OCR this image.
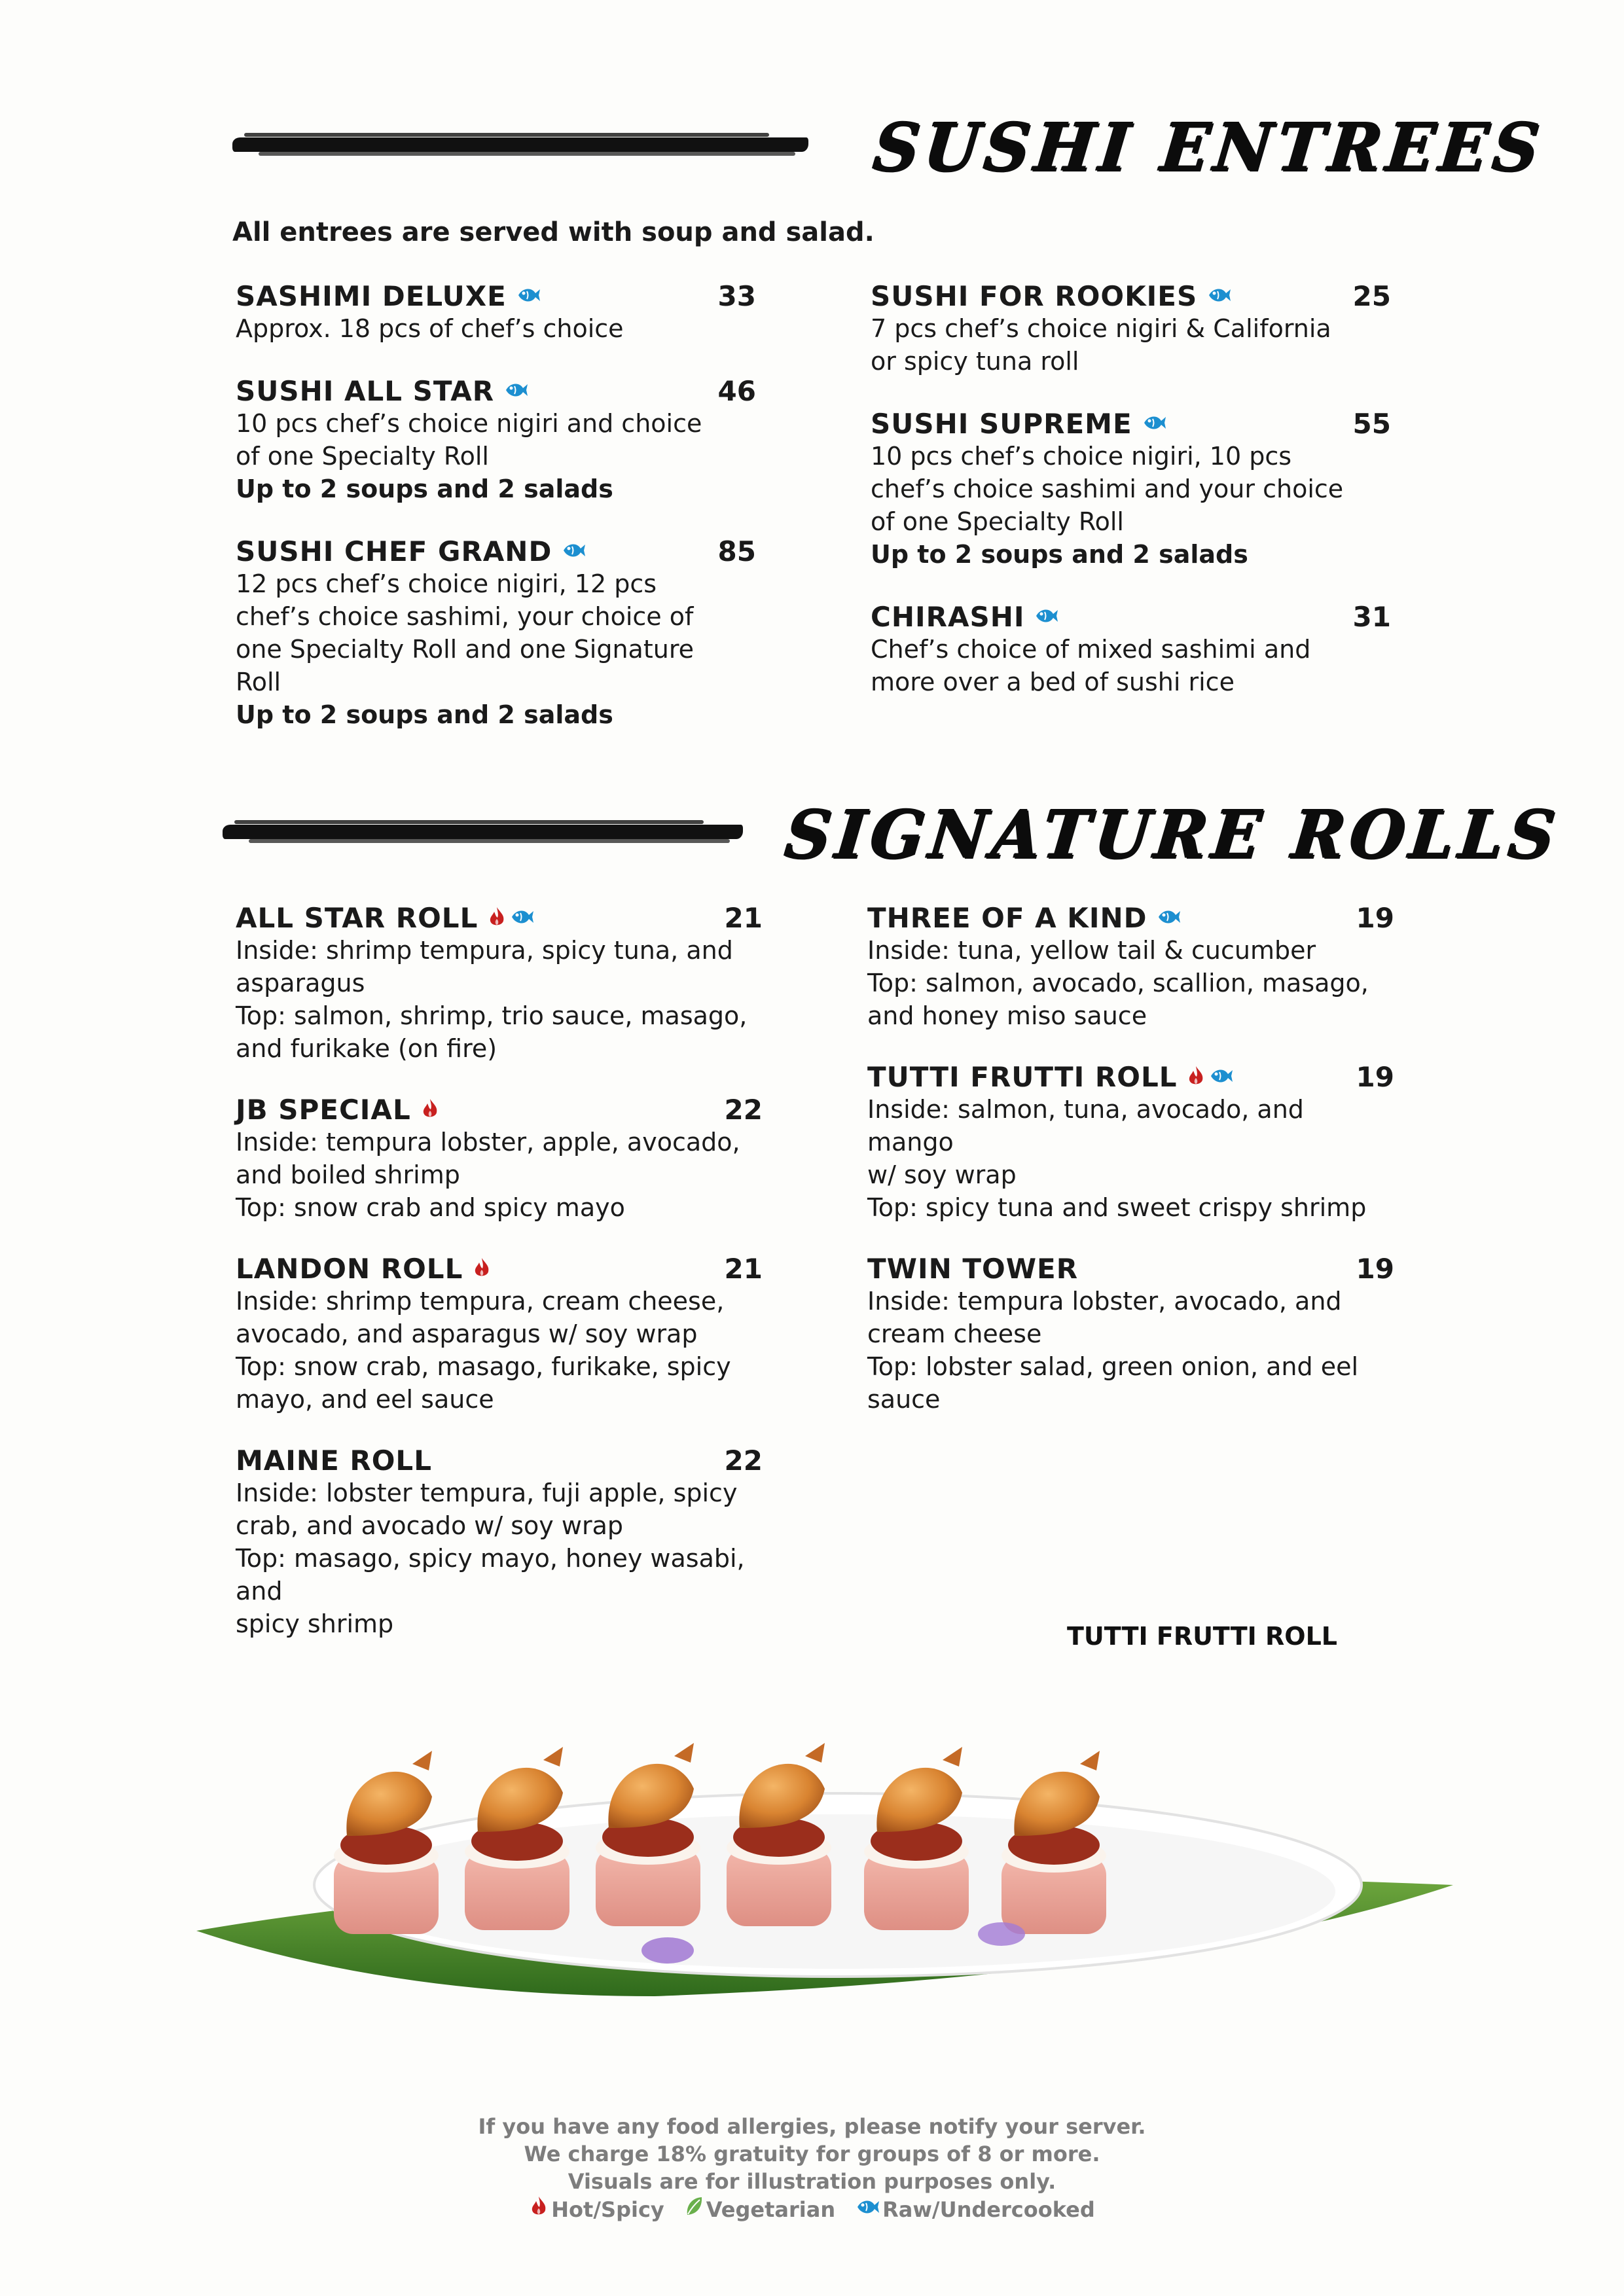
SUSHI ENTREES

All entrees are served with soup and salad.

SASHIMI DELUXE	33

Approx. 18 pcs of chef’s choice

SUSHI ALL STAR	46

10 pcs chef’s choice nigiri and choice

of one Specialty Roll

Up to 2 soups and 2 salads

SUSHI CHEF GRAND	85

12 pcs chef’s choice nigiri, 12 pcs

chef’s choice sashimi, your choice of

one Specialty Roll and one Signature

Roll

Up to 2 soups and 2 salads

SUSHI FOR ROOKIES	25

7 pcs chef’s choice nigiri & California

or spicy tuna roll

SUSHI SUPREME	55

10 pcs chef’s choice nigiri, 10 pcs

chef’s choice sashimi and your choice

of one Specialty Roll

Up to 2 soups and 2 salads

CHIRASHI	31

Chef’s choice of mixed sashimi and

more over a bed of sushi rice

SIGNATURE ROLLS
ALL STAR ROLL	21

Inside: shrimp tempura, spicy tuna, and

asparagus

Top: salmon, shrimp, trio sauce, masago,

and furikake (on fire)

JB SPECIAL	22

Inside: tempura lobster, apple, avocado,

and boiled shrimp

Top: snow crab and spicy mayo

LANDON ROLL	21

Inside: shrimp tempura, cream cheese,

avocado, and asparagus w/ soy wrap

Top: snow crab, masago, furikake, spicy

mayo, and eel sauce

MAINE ROLL	22

Inside: lobster tempura, fuji apple, spicy

crab, and avocado w/ soy wrap

Top: masago, spicy mayo, honey wasabi, and

spicy shrimp

THREE OF A KIND	19

Inside: tuna, yellow tail & cucumber

Top: salmon, avocado, scallion, masago,

and honey miso sauce

TUTTI FRUTTI ROLL	19

Inside: salmon, tuna, avocado, and mango

w/ soy wrap

Top: spicy tuna and sweet crispy shrimp

TWIN TOWER	19

Inside: tempura lobster, avocado, and

cream cheese

Top: lobster salad, green onion, and eel

sauce

TUTTI FRUTTI ROLL

If you have any food allergies, please notify your server.
We charge 18% gratuity for groups of 8 or more.
Visuals are for illustration purposes only.
Hot/Spicy Vegetarian Raw/Undercooked
